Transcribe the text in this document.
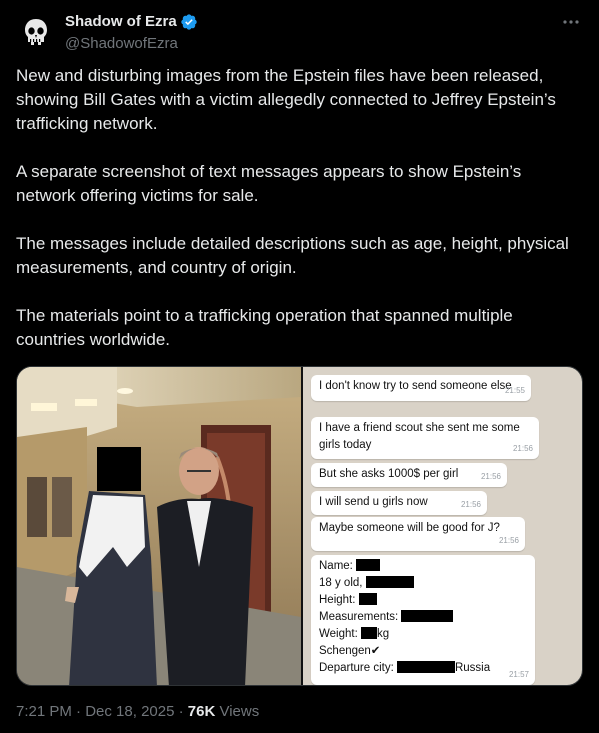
Shadow of Ezra
@ShadowofEzra

New and disturbing images from the Epstein files have been released, showing Bill Gates with a victim allegedly connected to Jeffrey Epstein’s trafficking network.

A separate screenshot of text messages appears to show Epstein’s network offering victims for sale.

The messages include detailed descriptions such as age, height, physical measurements, and country of origin.

The materials point to a trafficking operation that spanned multiple countries worldwide.

I don't know try to send someone else
21:55
I have a friend scout she sent me some girls today	21:56
But she asks 1000$ per girl	21:56
I will send u girls now	21:56
Maybe someone will be good for J?
21:56
Name:
18 y old,
Height:
Measurements:
Weight: kg
Schengen✔
Departure city:	Russia
21:57
7:21 PM · Dec 18, 2025 · 76K Views
